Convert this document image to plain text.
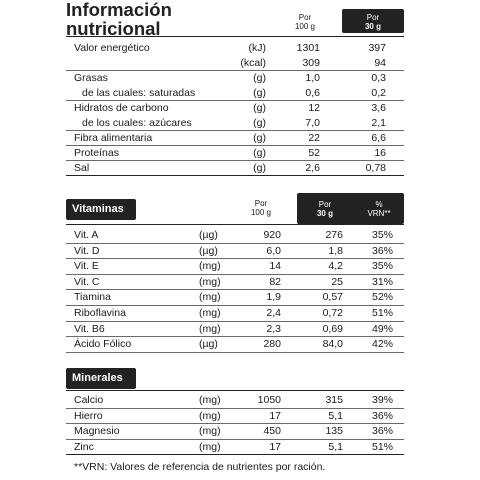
Información
nutricional
Por
100 g
Por
30 g
Valor energético	(kJ)	1301	397
(kcal)	309	94
Grasas	(g)	1,0	0,3
de las cuales: saturadas	(g)	0,6	0,2
Hidratos de carbono	(g)	12	3,6
de los cuales: azúcares	(g)	7,0	2,1
Fibra alimentaria	(g)	22	6,6
Proteínas	(g)	52	16
Sal	(g)	2,6	0,78
Vitaminas	Por
100 g
Por
30 g
%
VRN**
Vit. A	(µg)	920	276	35%
Vit. D	(µg)	6,0	1,8	36%
Vit. E	(mg)	14	4,2	35%
Vit. C	(mg)	82	25	31%
Tiamina	(mg)	1,9	0,57	52%
Riboflavina	(mg)	2,4	0,72	51%
Vit. B6	(mg)	2,3	0,69	49%
Ácido Fólico	(µg)	280	84,0	42%
Minerales
Calcio	(mg)	1050	315	39%
Hierro	(mg)	17	5,1	36%
Magnesio	(mg)	450	135	36%
Zinc	(mg)	17	5,1	51%
**VRN: Valores de referencia de nutrientes por ración.
